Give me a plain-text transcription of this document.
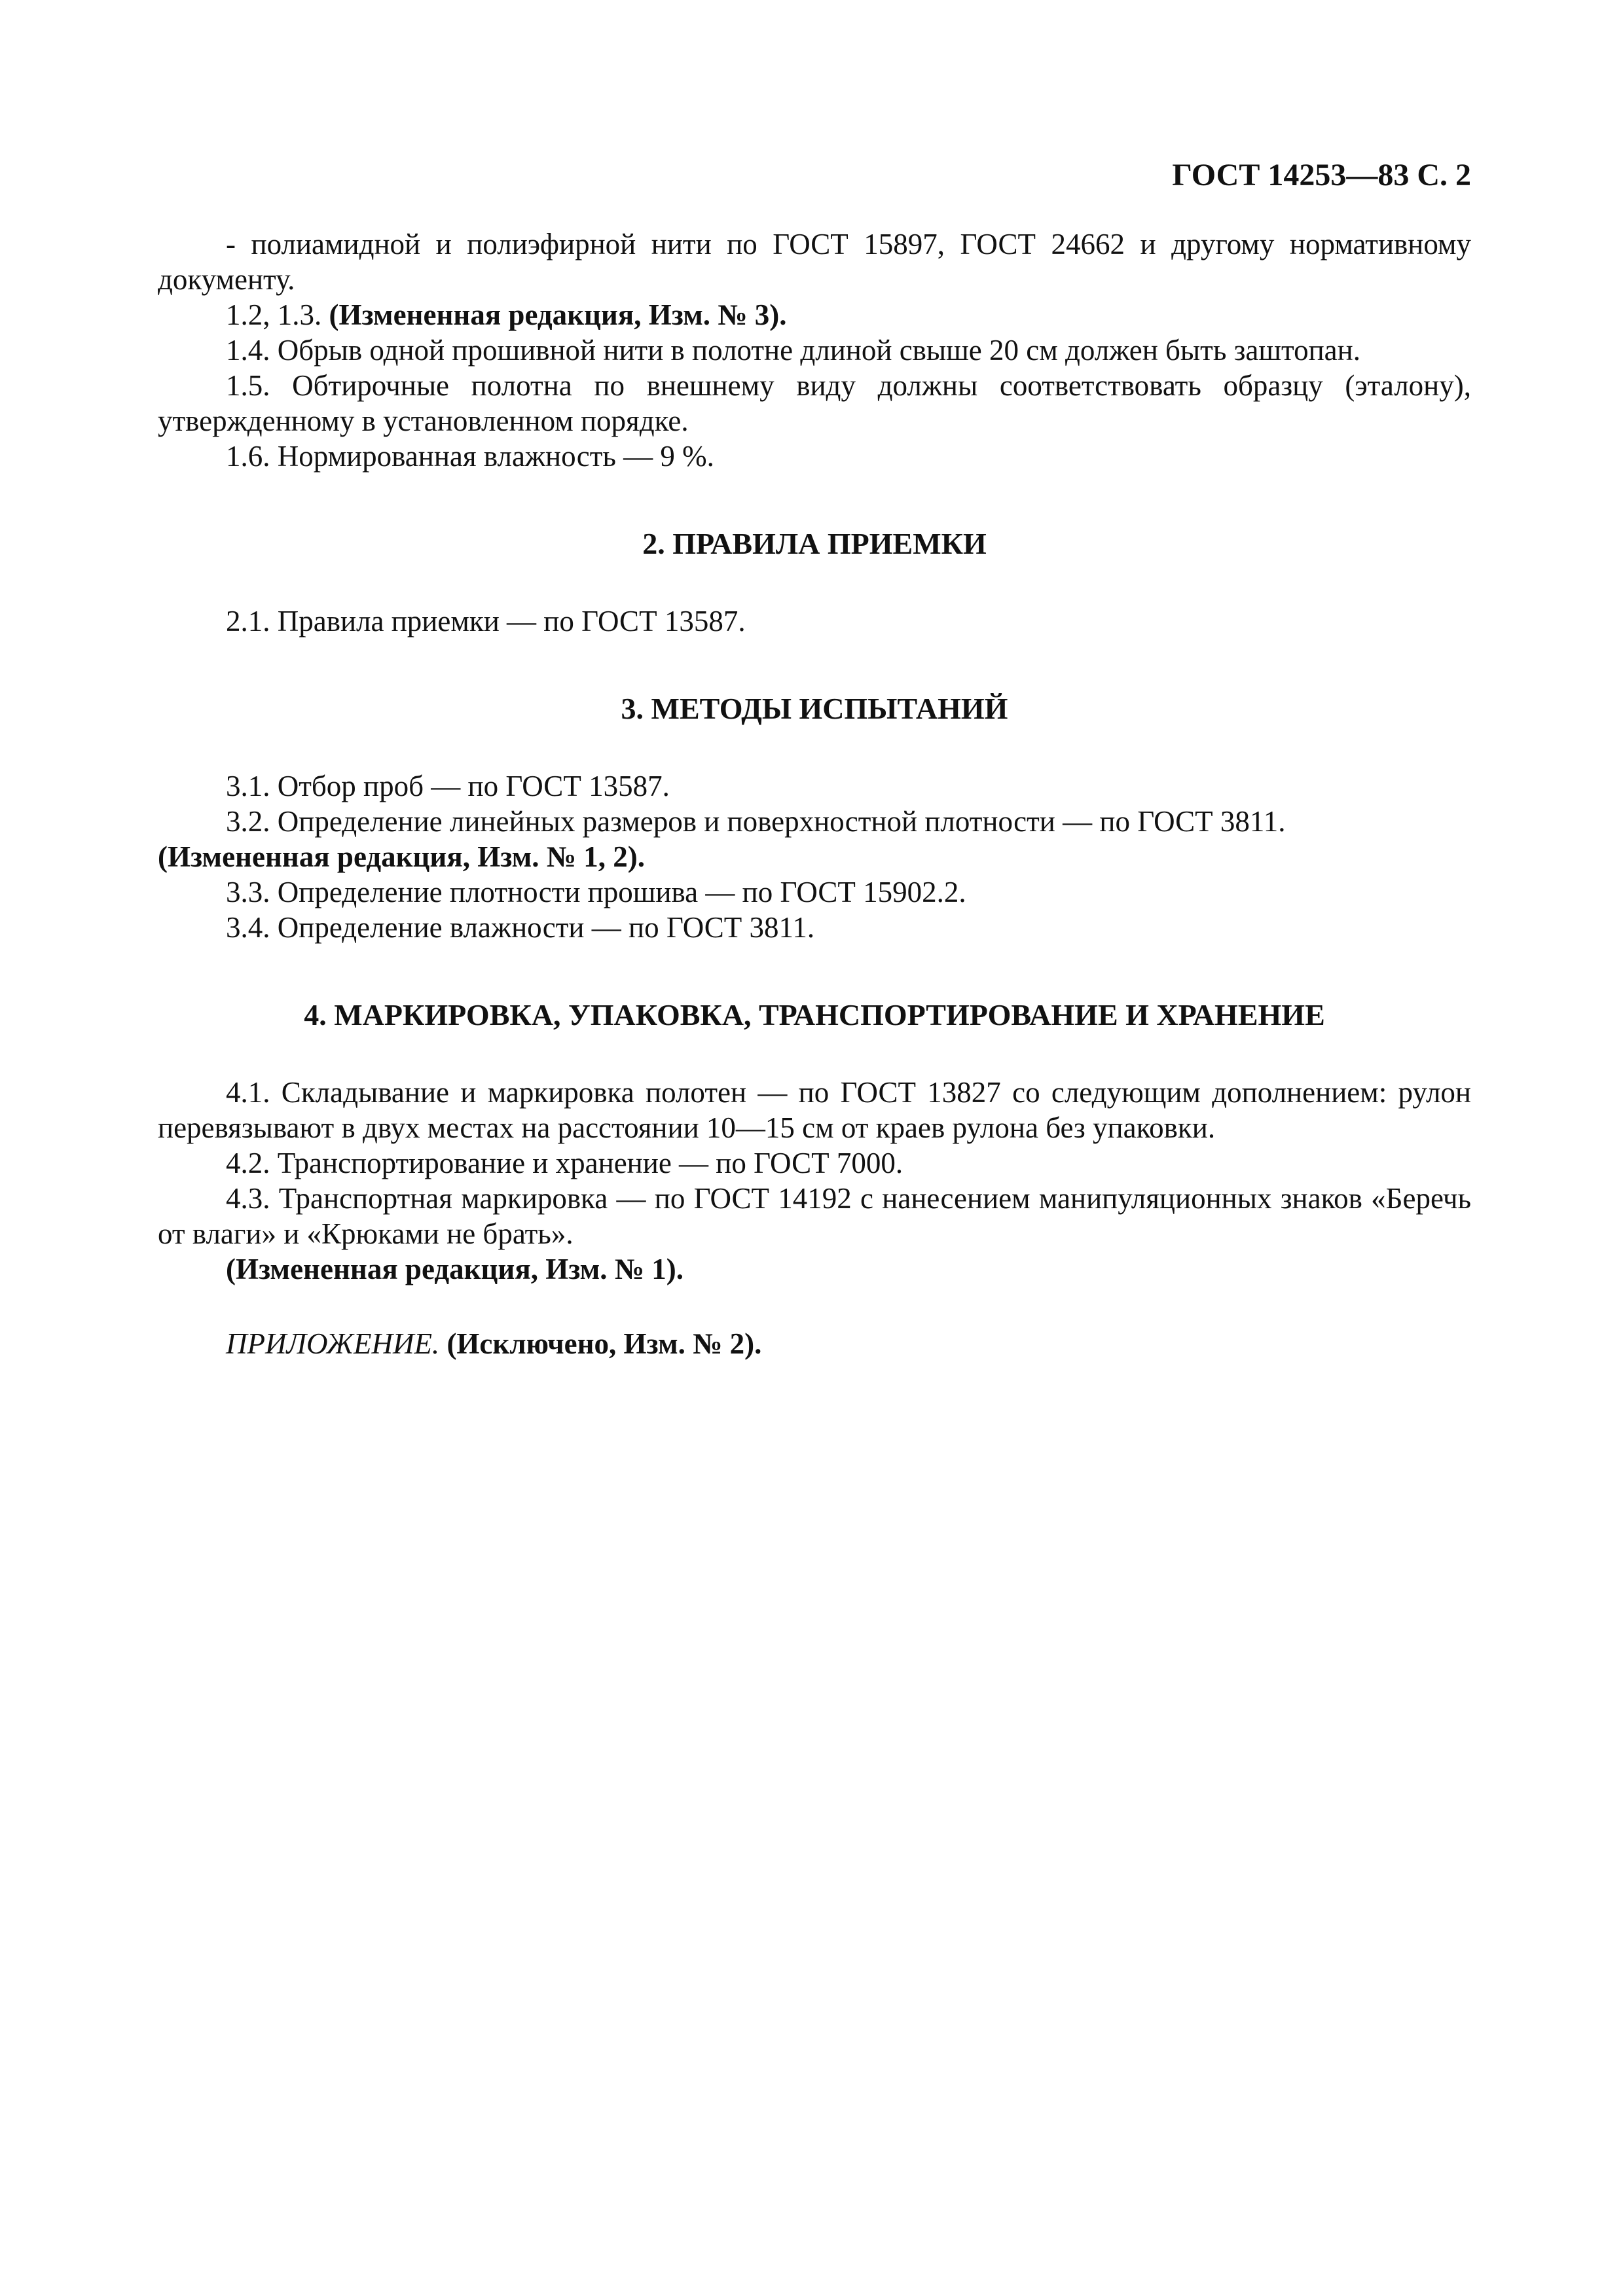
ГОСТ 14253—83 С. 2

- полиамидной и полиэфирной нити по ГОСТ 15897, ГОСТ 24662 и другому нормативному документу.

1.2, 1.3. (Измененная редакция, Изм. № 3).

1.4. Обрыв одной прошивной нити в полотне длиной свыше 20 см должен быть заштопан.

1.5. Обтирочные полотна по внешнему виду должны соответствовать образцу (эталону), утвержденному в установленном порядке.

1.6. Нормированная влажность — 9 %.

2. ПРАВИЛА ПРИЕМКИ

2.1. Правила приемки — по ГОСТ 13587.

3. МЕТОДЫ ИСПЫТАНИЙ

3.1. Отбор проб — по ГОСТ 13587.

3.2. Определение линейных размеров и поверхностной плотности — по ГОСТ 3811.

(Измененная редакция, Изм. № 1, 2).

3.3. Определение плотности прошива — по ГОСТ 15902.2.

3.4. Определение влажности — по ГОСТ 3811.

4. МАРКИРОВКА, УПАКОВКА, ТРАНСПОРТИРОВАНИЕ И ХРАНЕНИЕ

4.1. Складывание и маркировка полотен — по ГОСТ 13827 со следующим дополнением: рулон перевязывают в двух местах на расстоянии 10—15 см от краев рулона без упаковки.

4.2. Транспортирование и хранение — по ГОСТ 7000.

4.3. Транспортная маркировка — по ГОСТ 14192 с нанесением манипуляционных знаков «Беречь от влаги» и «Крюками не брать».

(Измененная редакция, Изм. № 1).

ПРИЛОЖЕНИЕ. (Исключено, Изм. № 2).
